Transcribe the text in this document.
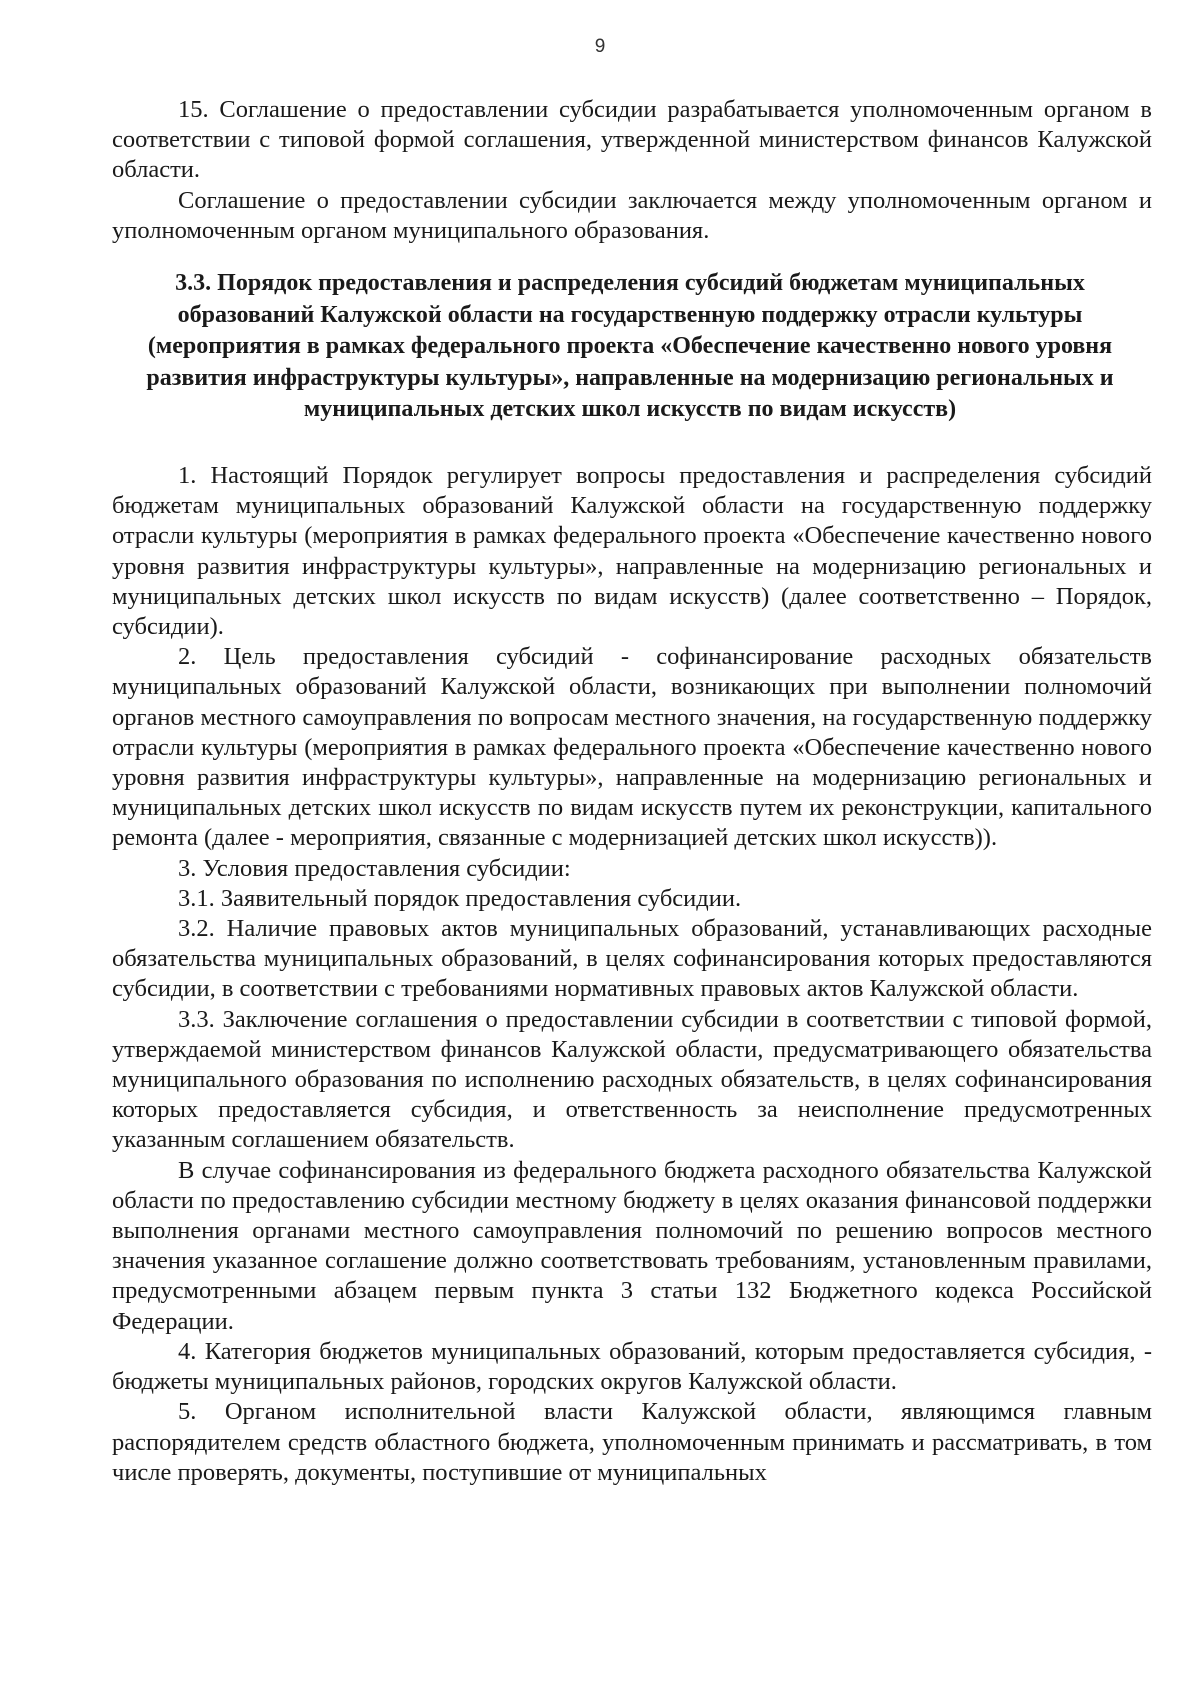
9

15. Соглашение о предоставлении субсидии разрабатывается уполномоченным органом в соответствии с типовой формой соглашения, утвержденной министерством финансов Калужской области.

Соглашение о предоставлении субсидии заключается между уполномоченным органом и уполномоченным органом муниципального образования.

3.3. Порядок предоставления и распределения субсидий бюджетам муниципальных образований Калужской области на государственную поддержку отрасли культуры (мероприятия в рамках федерального проекта «Обеспечение качественно нового уровня развития инфраструктуры культуры», направленные на модернизацию региональных и муниципальных детских школ искусств по видам искусств)

1. Настоящий Порядок регулирует вопросы предоставления и распределения субсидий бюджетам муниципальных образований Калужской области на государственную поддержку отрасли культуры (мероприятия в рамках федерального проекта «Обеспечение качественно нового уровня развития инфраструктуры культуры», направленные на модернизацию региональных и муниципальных детских школ искусств по видам искусств) (далее соответственно – Порядок, субсидии).

2. Цель предоставления субсидий - софинансирование расходных обязательств муниципальных образований Калужской области, возникающих при выполнении полномочий органов местного самоуправления по вопросам местного значения, на государственную поддержку отрасли культуры (мероприятия в рамках федерального проекта «Обеспечение качественно нового уровня развития инфраструктуры культуры», направленные на модернизацию региональных и муниципальных детских школ искусств по видам искусств путем их реконструкции, капитального ремонта (далее - мероприятия, связанные с модернизацией детских школ искусств)).

3. Условия предоставления субсидии:

3.1. Заявительный порядок предоставления субсидии.

3.2. Наличие правовых актов муниципальных образований, устанавливающих расходные обязательства муниципальных образований, в целях софинансирования которых предоставляются субсидии, в соответствии с требованиями нормативных правовых актов Калужской области.

3.3. Заключение соглашения о предоставлении субсидии в соответствии с типовой формой, утверждаемой министерством финансов Калужской области, предусматривающего обязательства муниципального образования по исполнению расходных обязательств, в целях софинансирования которых предоставляется субсидия, и ответственность за неисполнение предусмотренных указанным соглашением обязательств.

В случае софинансирования из федерального бюджета расходного обязательства Калужской области по предоставлению субсидии местному бюджету в целях оказания финансовой поддержки выполнения органами местного самоуправления полномочий по решению вопросов местного значения указанное соглашение должно соответствовать требованиям, установленным правилами, предусмотренными абзацем первым пункта 3 статьи 132 Бюджетного кодекса Российской Федерации.

4. Категория бюджетов муниципальных образований, которым предоставляется субсидия, - бюджеты муниципальных районов, городских округов Калужской области.

5. Органом исполнительной власти Калужской области, являющимся главным распорядителем средств областного бюджета, уполномоченным принимать и рассматривать, в том числе проверять, документы, поступившие от муниципальных
